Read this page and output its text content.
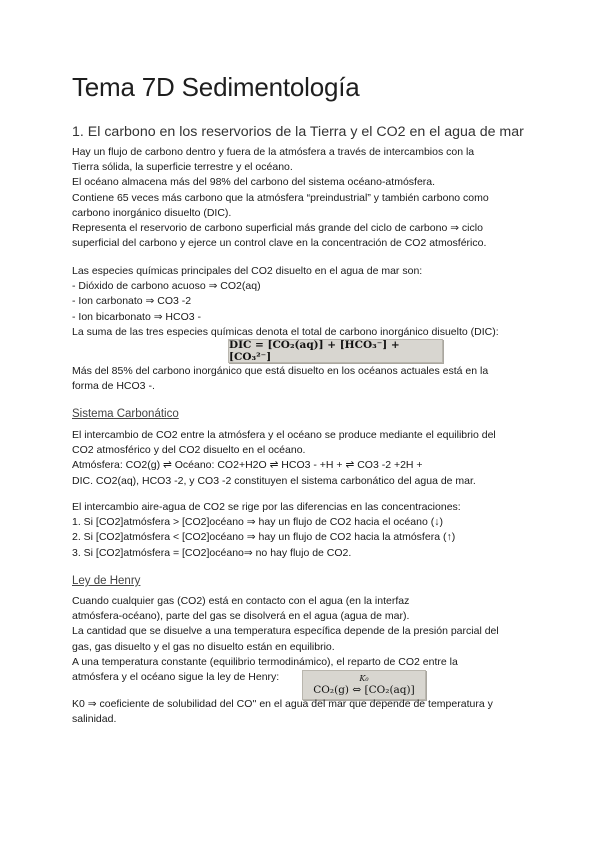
Tema 7D Sedimentología
1. El carbono en los reservorios de la Tierra y el CO2 en el agua de mar

Hay un flujo de carbono dentro y fuera de la atmósfera a través de intercambios con la
Tierra sólida, la superficie terrestre y el océano.
El océano almacena más del 98% del carbono del sistema océano-atmósfera.
Contiene 65 veces más carbono que la atmósfera “preindustrial” y también carbono como
carbono inorgánico disuelto (DIC).
Representa el reservorio de carbono superficial más grande del ciclo de carbono ⇒ ciclo
superficial del carbono y ejerce un control clave en la concentración de CO2 atmosférico.

Las especies químicas principales del CO2 disuelto en el agua de mar son:
- Dióxido de carbono acuoso ⇒ CO2(aq)
- Ion carbonato ⇒ CO3 -2
- Ion bicarbonato ⇒ HCO3 -
La suma de las tres especies químicas denota el total de carbono inorgánico disuelto (DIC):

DIC = [CO₂(aq)] + [HCO₃⁻] + [CO₃²⁻]

Más del 85% del carbono inorgánico que está disuelto en los océanos actuales está en la
forma de HCO3 -.

Sistema Carbonático

El intercambio de CO2 entre la atmósfera y el océano se produce mediante el equilibrio del
CO2 atmosférico y del CO2 disuelto en el océano.
Atmósfera: CO2(g) ⇌ Océano: CO2+H2O ⇌ HCO3 - +H + ⇌ CO3 -2 +2H +
DIC. CO2(aq), HCO3 -2, y CO3 -2 constituyen el sistema carbonático del agua de mar.

El intercambio aire-agua de CO2 se rige por las diferencias en las concentraciones:
1. Si [CO2]atmósfera > [CO2]océano ⇒ hay un flujo de CO2 hacia el océano (↓)
2. Si [CO2]atmósfera < [CO2]océano ⇒ hay un flujo de CO2 hacia la atmósfera (↑)
3. Si [CO2]atmósfera = [CO2]océano⇒ no hay flujo de CO2.

Ley de Henry

Cuando cualquier gas (CO2) está en contacto con el agua (en la interfaz
atmósfera-océano), parte del gas se disolverá en el agua (agua de mar).
La cantidad que se disuelve a una temperatura específica depende de la presión parcial del
gas, gas disuelto y el gas no disuelto están en equilibrio.
A una temperatura constante (equilibrio termodinámico), el reparto de CO2 entre la
atmósfera y el océano sigue la ley de Henry:	K₀
CO₂(g) ⇔ [CO₂(aq)]

K0 ⇒ coeficiente de solubilidad del CO'' en el agua del mar que depende de temperatura y
salinidad.
